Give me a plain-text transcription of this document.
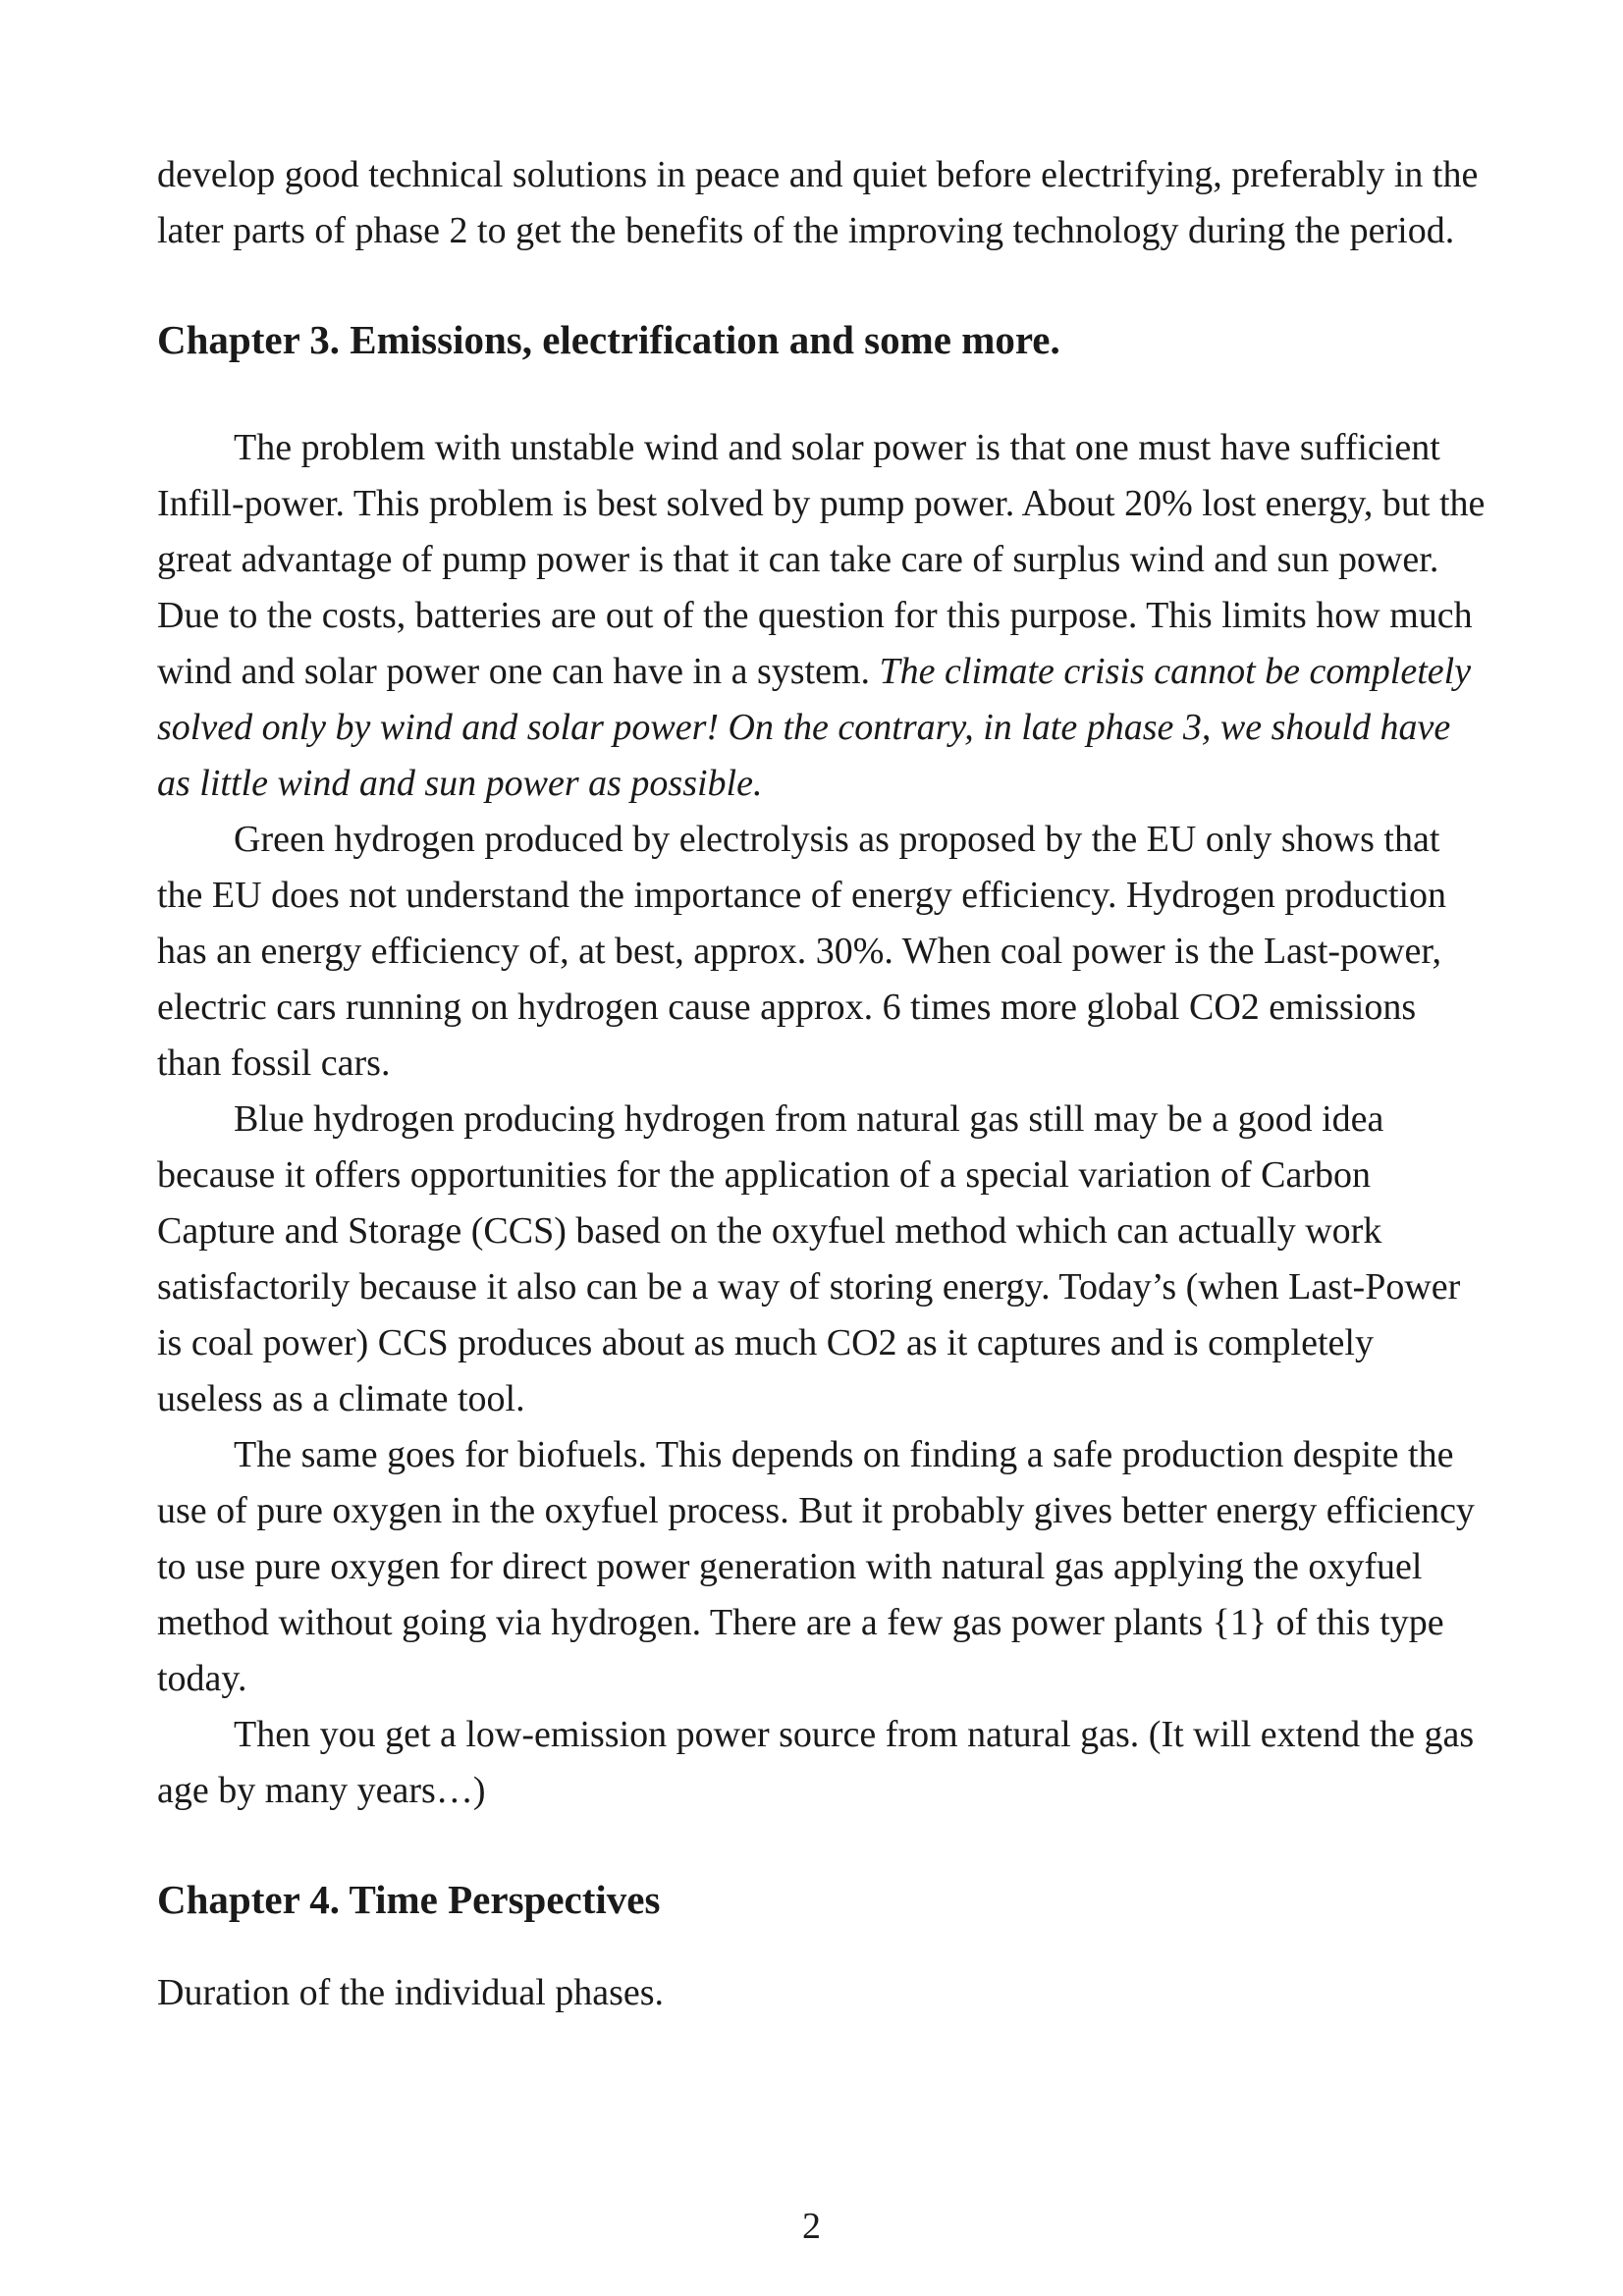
develop good technical solutions in peace and quiet before electrifying, preferably in the later parts of phase 2 to get the benefits of the improving technology during the period.

Chapter 3. Emissions, electrification and some more.

The problem with unstable wind and solar power is that one must have sufficient Infill-power. This problem is best solved by pump power. About 20% lost energy, but the great advantage of pump power is that it can take care of surplus wind and sun power. Due to the costs, batteries are out of the question for this purpose. This limits how much wind and solar power one can have in a system. The climate crisis cannot be completely solved only by wind and solar power! On the contrary, in late phase 3, we should have as little wind and sun power as possible.

Green hydrogen produced by electrolysis as proposed by the EU only shows that the EU does not understand the importance of energy efficiency. Hydrogen production has an energy efficiency of, at best, approx. 30%. When coal power is the Last-power, electric cars running on hydrogen cause approx. 6 times more global CO2 emissions than fossil cars.

Blue hydrogen producing hydrogen from natural gas still may be a good idea because it offers opportunities for the application of a special variation of Carbon Capture and Storage (CCS) based on the oxyfuel method which can actually work satisfactorily because it also can be a way of storing energy. Today’s (when Last-Power is coal power) CCS produces about as much CO2 as it captures and is completely useless as a climate tool.

The same goes for biofuels. This depends on finding a safe production despite the use of pure oxygen in the oxyfuel process. But it probably gives better energy efficiency to use pure oxygen for direct power generation with natural gas applying the oxyfuel method without going via hydrogen. There are a few gas power plants {1} of this type today.

Then you get a low-emission power source from natural gas. (It will extend the gas age by many years…)

Chapter 4. Time Perspectives

Duration of the individual phases.

2
